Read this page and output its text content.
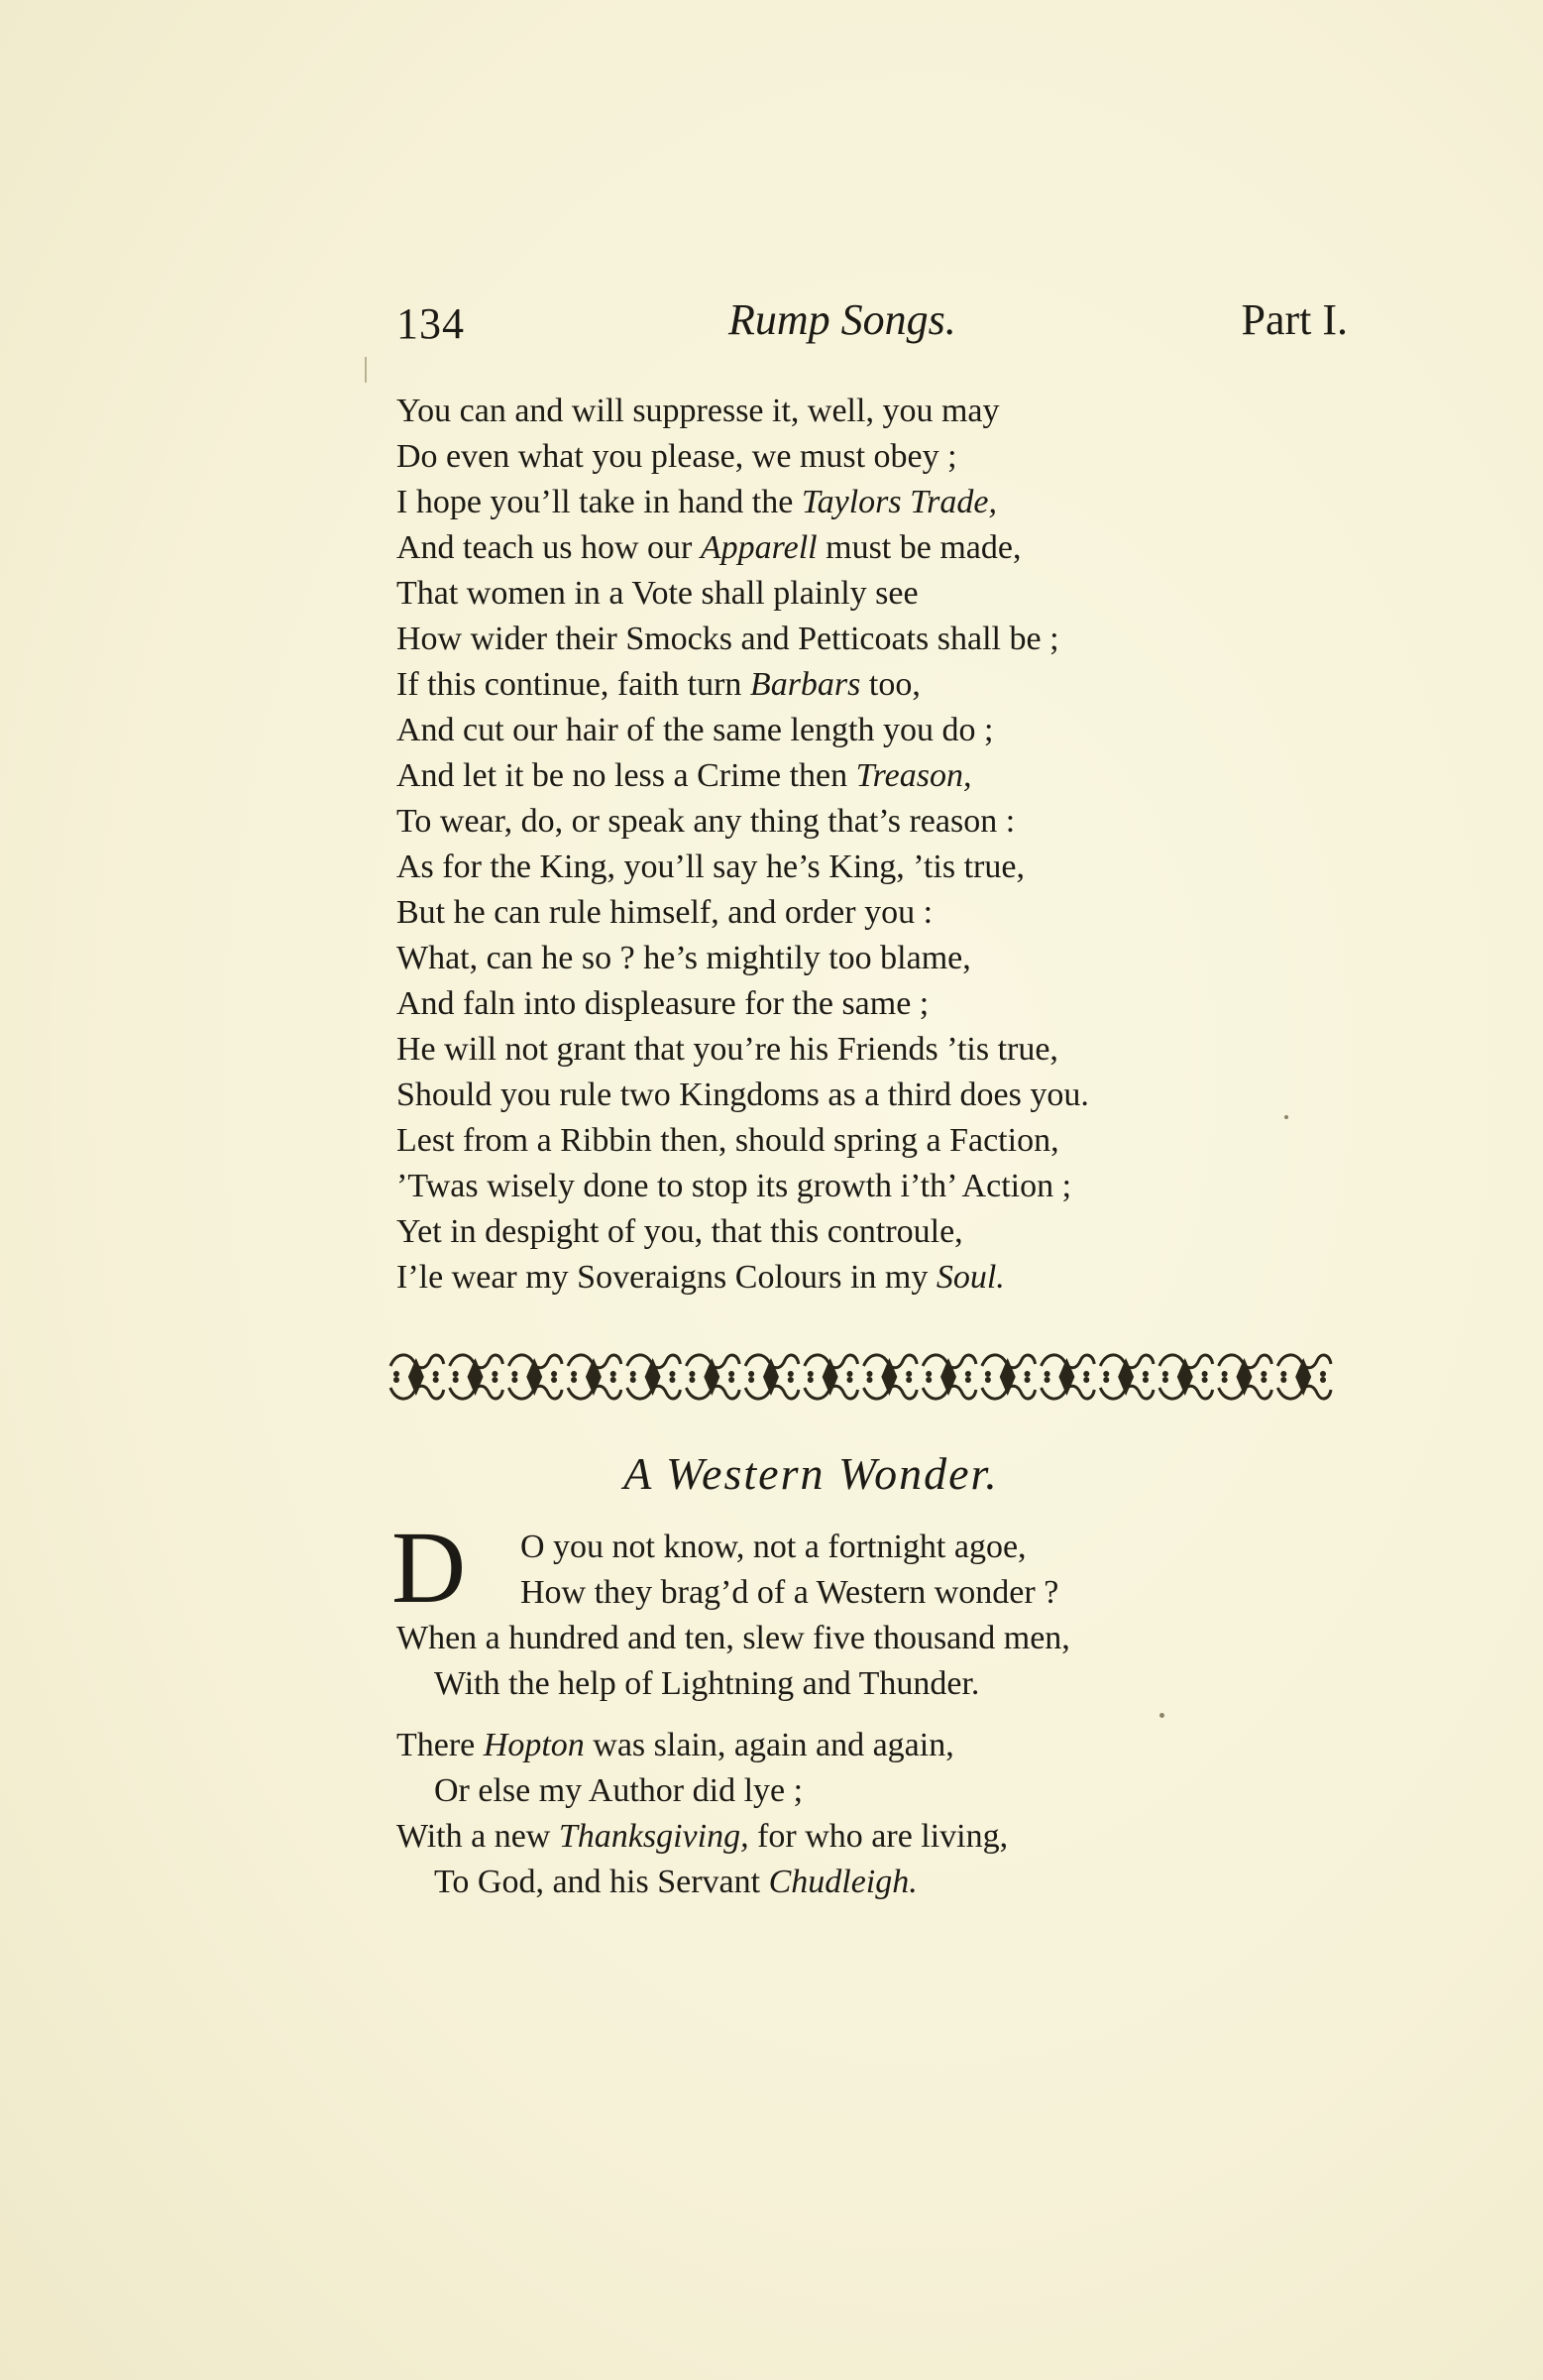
134	Rump Songs.	Part I.
You can and will suppresse it, well, you may
Do even what you please, we must obey ;
I hope you’ll take in hand the Taylors Trade,
And teach us how our Apparell must be made,
That women in a Vote shall plainly see
How wider their Smocks and Petticoats shall be ;
If this continue, faith turn Barbars too,
And cut our hair of the same length you do ;
And let it be no less a Crime then Treason,
To wear, do, or speak any thing that’s reason :
As for the King, you’ll say he’s King, ’tis true,
But he can rule himself, and order you :
What, can he so ? he’s mightily too blame,
And faln into displeasure for the same ;
He will not grant that you’re his Friends ’tis true,
Should you rule two Kingdoms as a third does you.
Lest from a Ribbin then, should spring a Faction,
’Twas wisely done to stop its growth i’th’ Action ;
Yet in despight of you, that this controule,
I’le wear my Soveraigns Colours in my Soul.
A Western Wonder.
D O you not know, not a fortnight agoe,
How they brag’d of a Western wonder ?
When a hundred and ten, slew five thousand men,
With the help of Lightning and Thunder.
There Hopton was slain, again and again,
Or else my Author did lye ;
With a new Thanksgiving, for who are living,
To God, and his Servant Chudleigh.
